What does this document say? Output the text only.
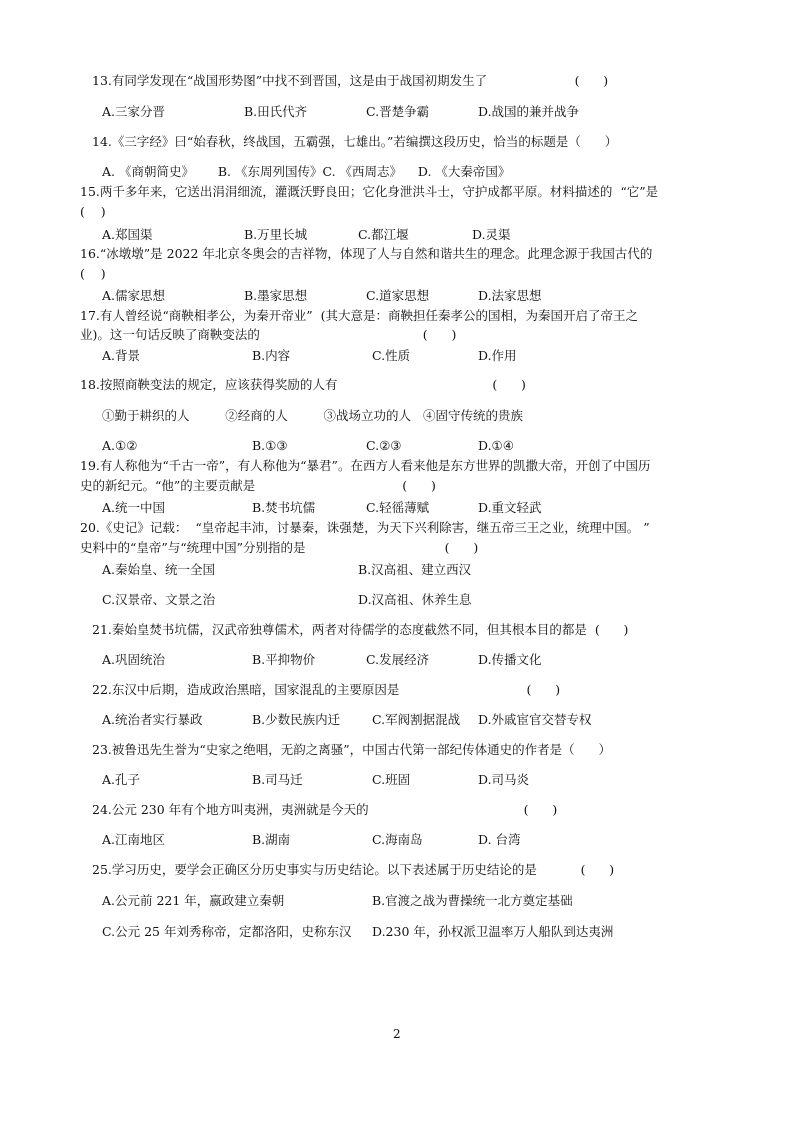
13.有同学发现在“战国形势图”中找不到晋国，这是由于战国初期发生了                      (      )
A.三家分晋	B.田氏代齐	C.晋楚争霸	D.战国的兼并战争
14.《三字经》曰“始春秋，终战国，五霸强，七雄出。”若编撰这段历史，恰当的标题是（      ）
A. 《商朝简史》      B. 《东周列国传》C. 《西周志》    D. 《大秦帝国》
15.两千多年来，它送出涓涓细流，灌溉沃野良田；它化身泄洪斗士，守护成都平原。材料描述的  “它”是
(    )
A.郑国渠	B.万里长城	C.都江堰	D.灵渠
16.“冰墩墩”是 2022 年北京冬奥会的吉祥物，体现了人与自然和谐共生的理念。此理念源于我国古代的
(    )
A.儒家思想	B.墨家思想	C.道家思想	D.法家思想
17.有人曾经说“商鞅相孝公，为秦开帝业”  (其大意是：商鞅担任秦孝公的国相，为秦国开启了帝王之
业)。这一句话反映了商鞅变法的                                         (      )
A.背景	B.内容	C.性质	D.作用
18.按照商鞅变法的规定，应该获得奖励的人有                                       (      )
①勤于耕织的人         ②经商的人         ③战场立功的人   ④固守传统的贵族
A.①②	B.①③	C.②③	D.①④
19.有人称他为“千古一帝”，有人称他为“暴君”。在西方人看来他是东方世界的凯撒大帝，开创了中国历
史的新纪元。“他”的主要贡献是                                     (      )
A.统一中国	B.焚书坑儒	C.轻徭薄赋	D.重文轻武
20.《史记》记载：  “皇帝起丰沛，讨暴秦，诛强楚，为天下兴利除害，继五帝三王之业，统理中国。 ”
史料中的“皇帝”与“统理中国”分别指的是                                   (      )
A.秦始皇、统一全国	B.汉高祖、建立西汉
C.汉景帝、文景之治	D.汉高祖、休养生息
21.秦始皇焚书坑儒，汉武帝独尊儒术，两者对待儒学的态度截然不同，但其根本目的都是  (      )
A.巩固统治	B.平抑物价	C.发展经济	D.传播文化
22.东汉中后期，造成政治黑暗，国家混乱的主要原因是                                (      )
A.统治者实行暴政	B.少数民族内迁	C.军阀割据混战 D.外戚宦官交替专权
23.被鲁迅先生誉为“史家之绝唱，无韵之离骚”，中国古代第一部纪传体通史的作者是（      ）
A.孔子	B.司马迁	C.班固	D.司马炎
24.公元 230 年有个地方叫夷洲，夷洲就是今天的                                       (      )
A.江南地区	B.湖南	C.海南岛	D. 台湾
25.学习历史，要学会正确区分历史事实与历史结论。以下表述属于历史结论的是           (      )
A.公元前 221 年，嬴政建立秦朝	B.官渡之战为曹操统一北方奠定基础
C.公元 25 年刘秀称帝，定都洛阳，史称东汉 D.230 年，孙权派卫温率万人船队到达夷洲
2
